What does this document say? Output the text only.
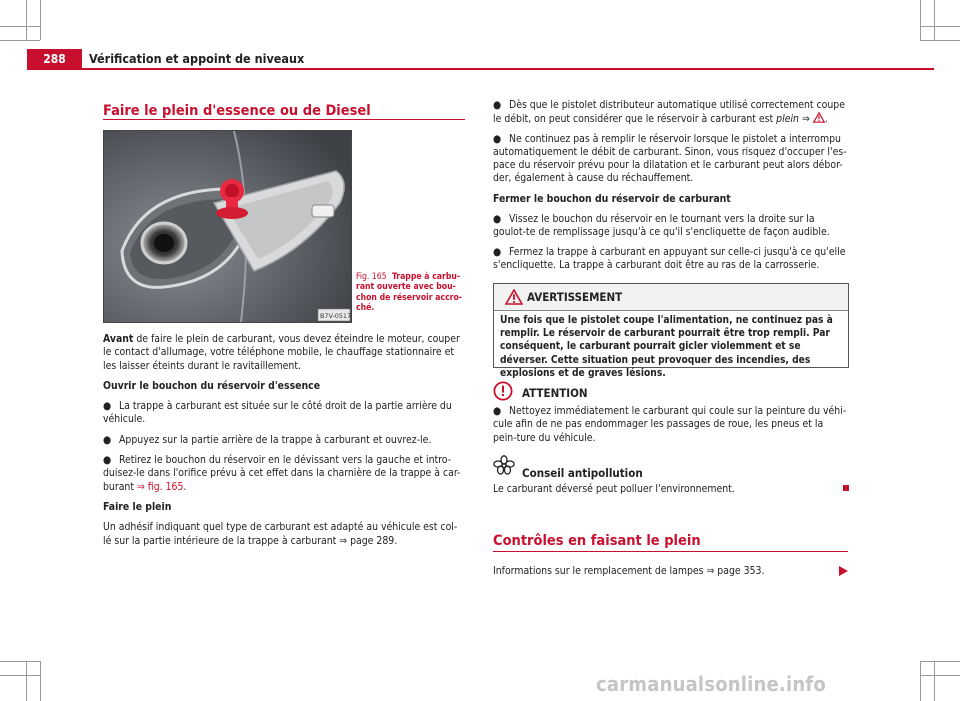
288	Vérification et appoint de niveaux
Faire le plein d'essence ou de Diesel
B7V-0517
Fig. 165 Trappe à carbu-rant ouverte avec bou-chon de réservoir accro-ché.

Avant de faire le plein de carburant, vous devez éteindre le moteur, couper le contact d'allumage, votre téléphone mobile, le chauffage stationnaire et les laisser éteints durant le ravitaillement.

Ouvrir le bouchon du réservoir d'essence

● La trappe à carburant est située sur le côté droit de la partie arrière du véhicule.

● Appuyez sur la partie arrière de la trappe à carburant et ouvrez-le.

● Retirez le bouchon du réservoir en le dévissant vers la gauche et intro-duisez-le dans l'orifice prévu à cet effet dans la charnière de la trappe à car-burant ⇒ fig. 165.

Faire le plein

Un adhésif indiquant quel type de carburant est adapté au véhicule est col-lé sur la partie intérieure de la trappe à carburant ⇒ page 289.

● Dès que le pistolet distributeur automatique utilisé correctement coupe le débit, on peut considérer que le réservoir à carburant est plein ⇒ .

● Ne continuez pas à remplir le réservoir lorsque le pistolet a interrompu automatiquement le débit de carburant. Sinon, vous risquez d'occuper l'es-pace du réservoir prévu pour la dilatation et le carburant peut alors débor-der, également à cause du réchauffement.

Fermer le bouchon du réservoir de carburant

● Vissez le bouchon du réservoir en le tournant vers la droite sur la goulot-te de remplissage jusqu'à ce qu'il s'encliquette de façon audible.

● Fermez la trappe à carburant en appuyant sur celle-ci jusqu'à ce qu'elle s'encliquette. La trappe à carburant doit être au ras de la carrosserie.

AVERTISSEMENT
Une fois que le pistolet coupe l'alimentation, ne continuez pas à remplir. Le réservoir de carburant pourrait être trop rempli. Par conséquent, le carburant pourrait gicler violemment et se déverser. Cette situation peut provoquer des incendies, des explosions et de graves lésions.
ATTENTION

● Nettoyez immédiatement le carburant qui coule sur la peinture du véhi-cule afin de ne pas endommager les passages de roue, les pneus et la pein-ture du véhicule.

Conseil antipollution

Le carburant déversé peut polluer l'environnement.

Contrôles en faisant le plein

Informations sur le remplacement de lampes ⇒ page 353.

carmanualsonline.info
